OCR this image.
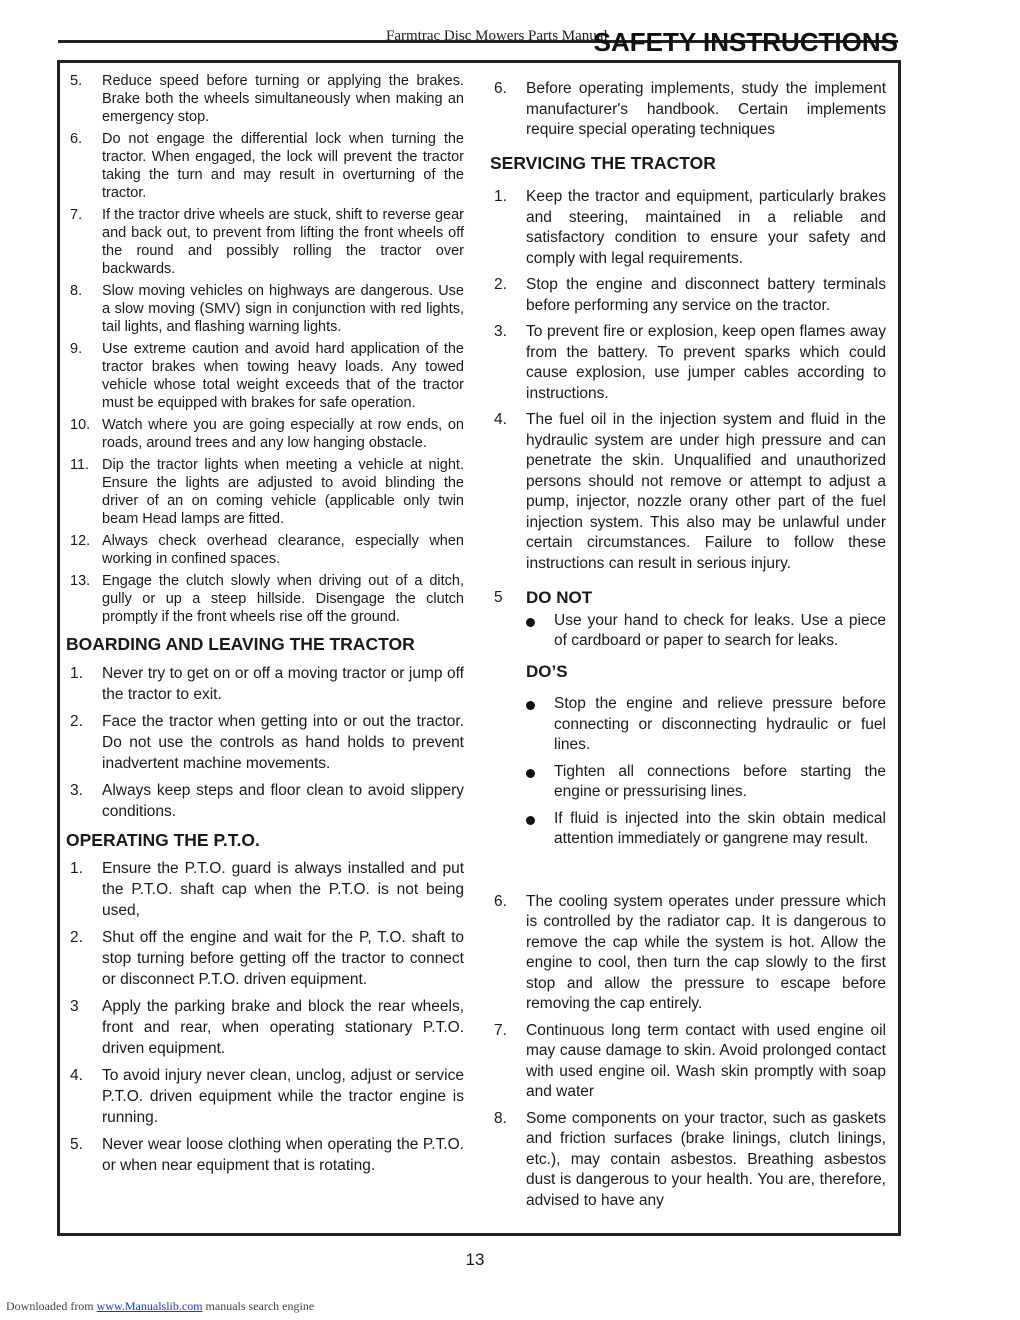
Farmtrac Disc Mowers Parts Manual
SAFETY INSTRUCTIONS
5. Reduce speed before turning or applying the brakes. Brake both the wheels simultaneously when making an emergency stop.
6. Do not engage the differential lock when turning the tractor. When engaged, the lock will prevent the tractor taking the turn and may result in overturning of the tractor.
7. If the tractor drive wheels are stuck, shift to reverse gear and back out, to prevent from lifting the front wheels off the round and possibly rolling the tractor over backwards.
8. Slow moving vehicles on highways are dangerous. Use a slow moving (SMV) sign in conjunction with red lights, tail lights, and flashing warning lights.
9. Use extreme caution and avoid hard application of the tractor brakes when towing heavy loads. Any towed vehicle whose total weight exceeds that of the tractor must be equipped with brakes for safe operation.
10. Watch where you are going especially at row ends, on roads, around trees and any low hanging obstacle.
11. Dip the tractor lights when meeting a vehicle at night. Ensure the lights are adjusted to avoid blinding the driver of an on coming vehicle (applicable only twin beam Head lamps are fitted.
12. Always check overhead clearance, especially when working in confined spaces.
13. Engage the clutch slowly when driving out of a ditch, gully or up a steep hillside. Disengage the clutch promptly if the front wheels rise off the ground.
BOARDING AND LEAVING THE TRACTOR
1. Never try to get on or off a moving tractor or jump off the tractor to exit.
2. Face the tractor when getting into or out the tractor. Do not use the controls as hand holds to prevent inadvertent machine movements.
3. Always keep steps and floor clean to avoid slippery conditions.
OPERATING THE P.T.O.
1. Ensure the P.T.O. guard is always installed and put the P.T.O. shaft cap when the P.T.O. is not being used,
2. Shut off the engine and wait for the P, T.O. shaft to stop turning before getting off the tractor to connect or disconnect P.T.O. driven equipment.
3 Apply the parking brake and block the rear wheels, front and rear, when operating stationary P.T.O. driven equipment.
4. To avoid injury never clean, unclog, adjust or service P.T.O. driven equipment while the tractor engine is running.
5. Never wear loose clothing when operating the P.T.O. or when near equipment that is rotating.
6. Before operating implements, study the implement manufacturer's handbook. Certain implements require special operating techniques
SERVICING THE TRACTOR
1. Keep the tractor and equipment, particularly brakes and steering, maintained in a reliable and satisfactory condition to ensure your safety and comply with legal requirements.
2. Stop the engine and disconnect battery terminals before performing any service on the tractor.
3. To prevent fire or explosion, keep open flames away from the battery. To prevent sparks which could cause explosion, use jumper cables according to instructions.
4. The fuel oil in the injection system and fluid in the hydraulic system are under high pressure and can penetrate the skin. Unqualified and unauthorized persons should not remove or attempt to adjust a pump, injector, nozzle orany other part of the fuel injection system. This also may be unlawful under certain circumstances. Failure to follow these instructions can result in serious injury.
5 DO NOT
Use your hand to check for leaks. Use a piece of cardboard or paper to search for leaks.
DO’S
Stop the engine and relieve pressure before connecting or disconnecting hydraulic or fuel lines.
Tighten all connections before starting the engine or pressurising lines.
If fluid is injected into the skin obtain medical attention immediately or gangrene may result.
6. The cooling system operates under pressure which is controlled by the radiator cap. It is dangerous to remove the cap while the system is hot. Allow the engine to cool, then turn the cap slowly to the first stop and allow the pressure to escape before removing the cap entirely.
7. Continuous long term contact with used engine oil may cause damage to skin. Avoid prolonged contact with used engine oil. Wash skin promptly with soap and water
8. Some components on your tractor, such as gaskets and friction surfaces (brake linings, clutch linings, etc.), may contain asbestos. Breathing asbestos dust is dangerous to your health. You are, therefore, advised to have any
13
Downloaded from www.Manualslib.com manuals search engine
